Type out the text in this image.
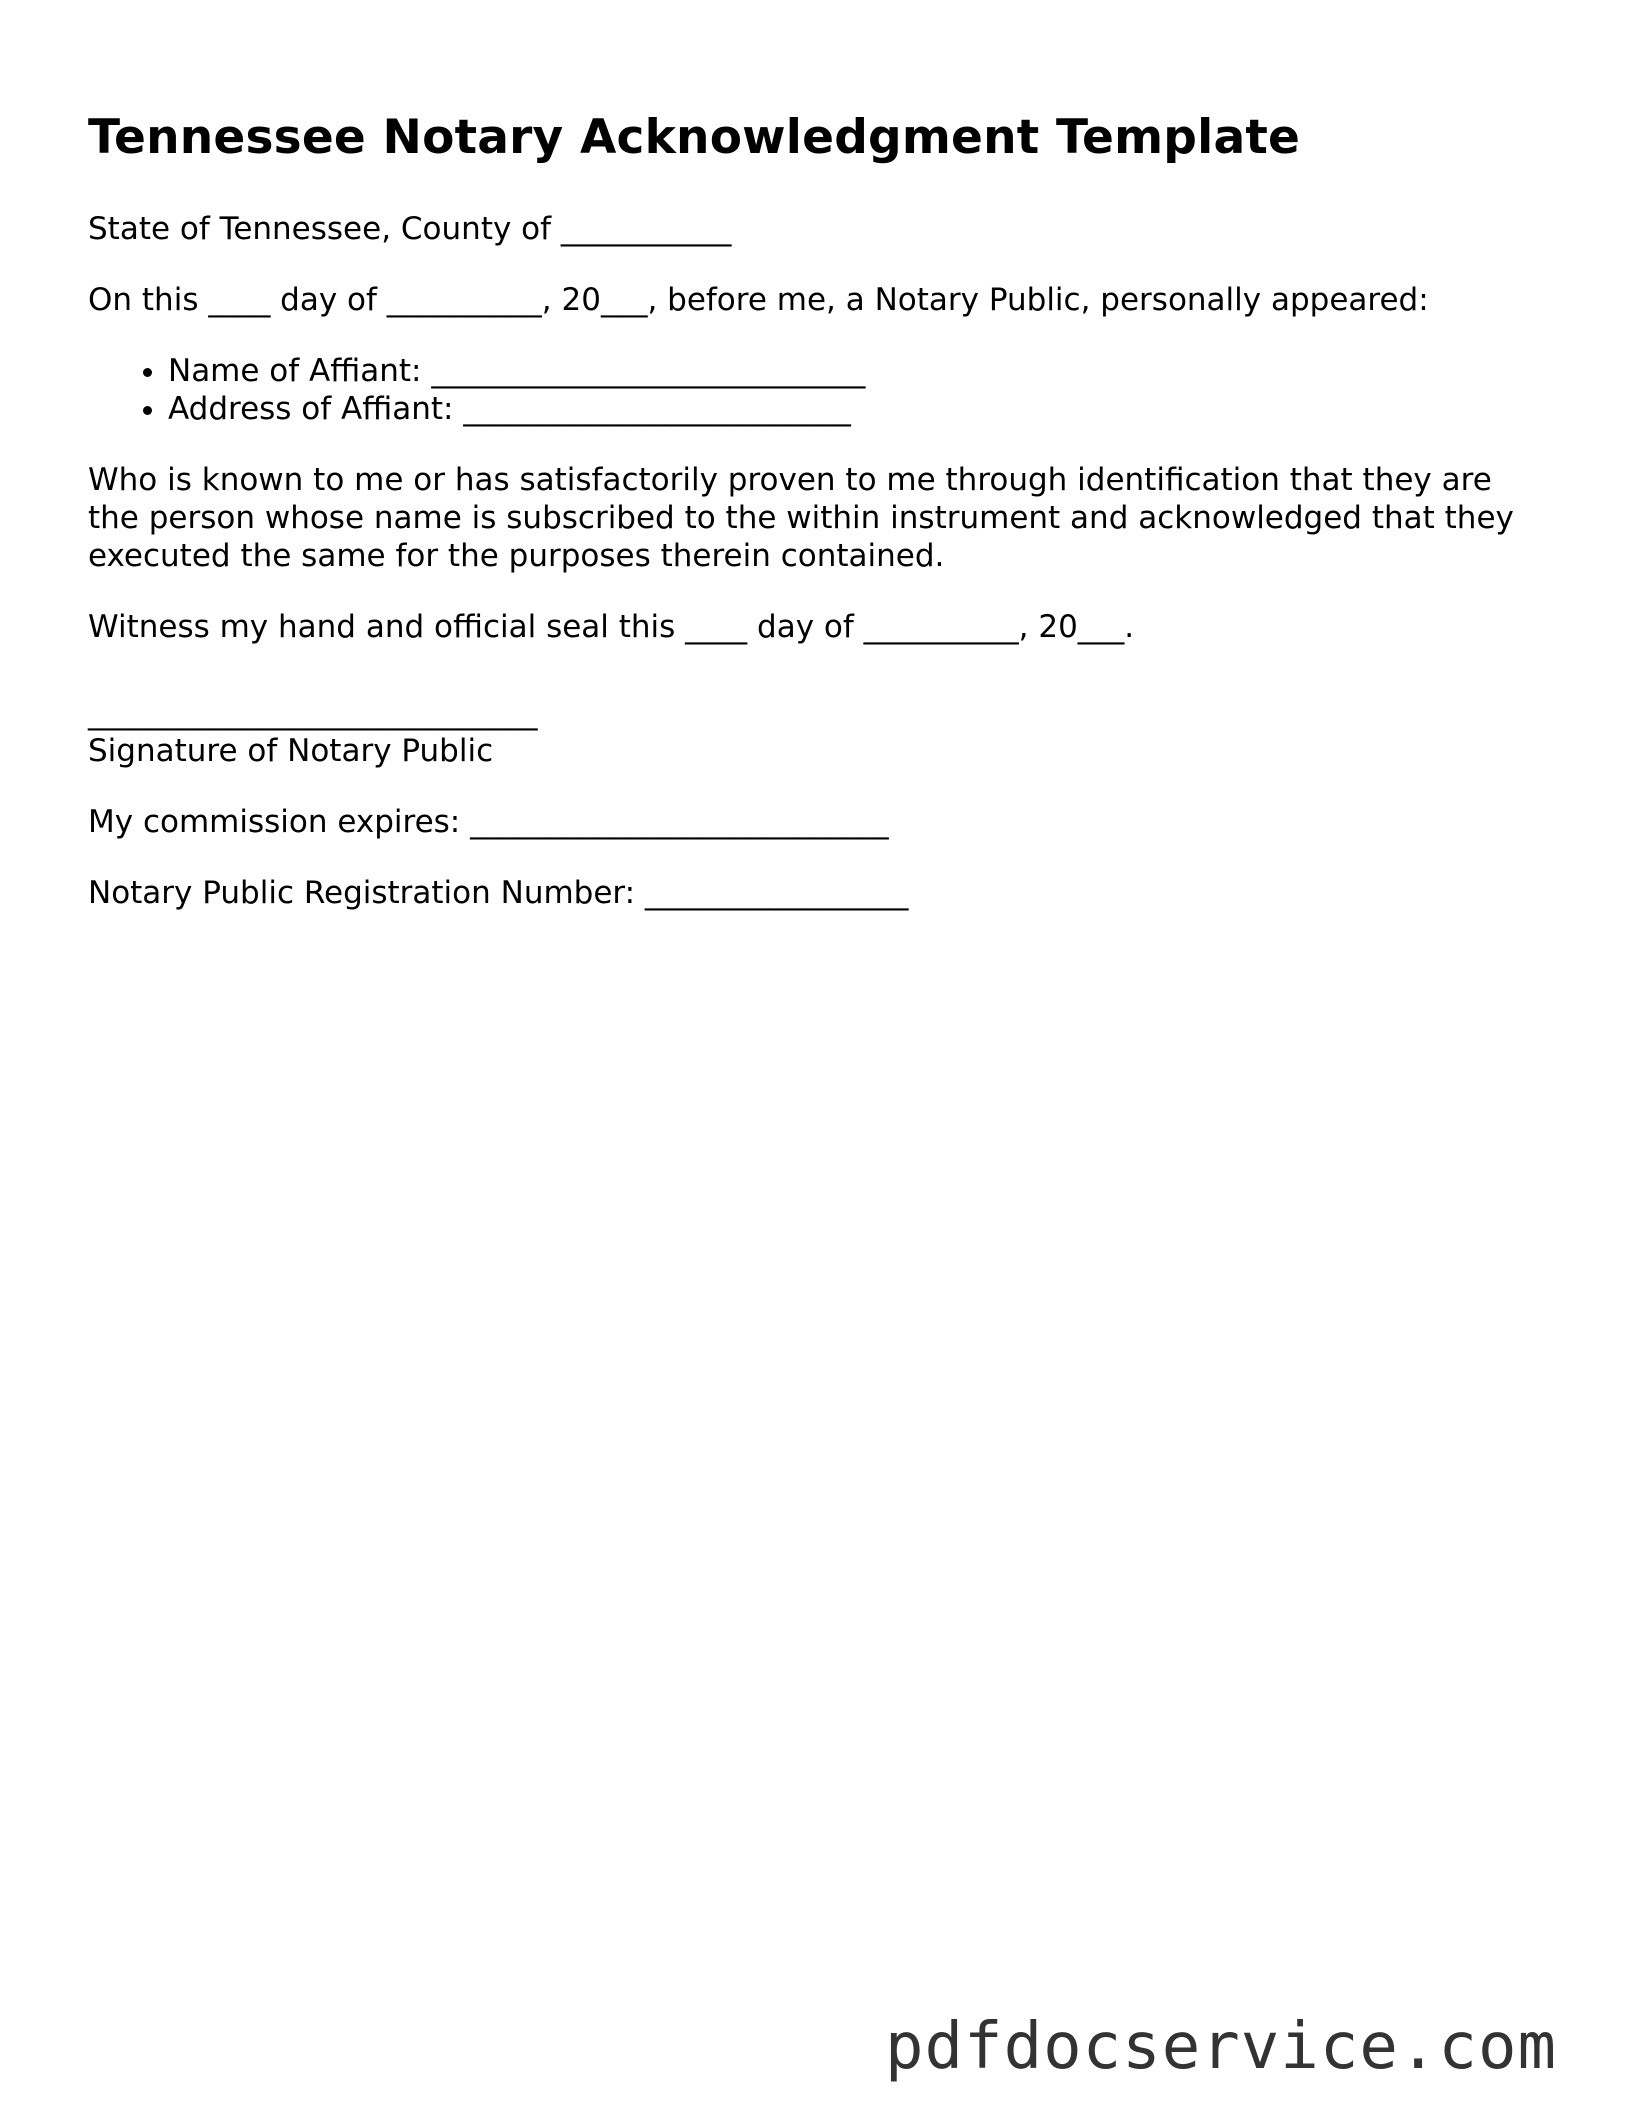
Tennessee Notary Acknowledgment Template

State of Tennessee, County of ___________

On this ____ day of __________, 20___, before me, a Notary Public, personally appeared:

• Name of Affiant: ____________________________
• Address of Affiant: _________________________

Who is known to me or has satisfactorily proven to me through identification that they are the person whose name is subscribed to the within instrument and acknowledged that they executed the same for the purposes therein contained.

Witness my hand and official seal this ____ day of __________, 20___.

_____________________________
Signature of Notary Public

My commission expires: ___________________________

Notary Public Registration Number: _________________

pdfdocservice.com
